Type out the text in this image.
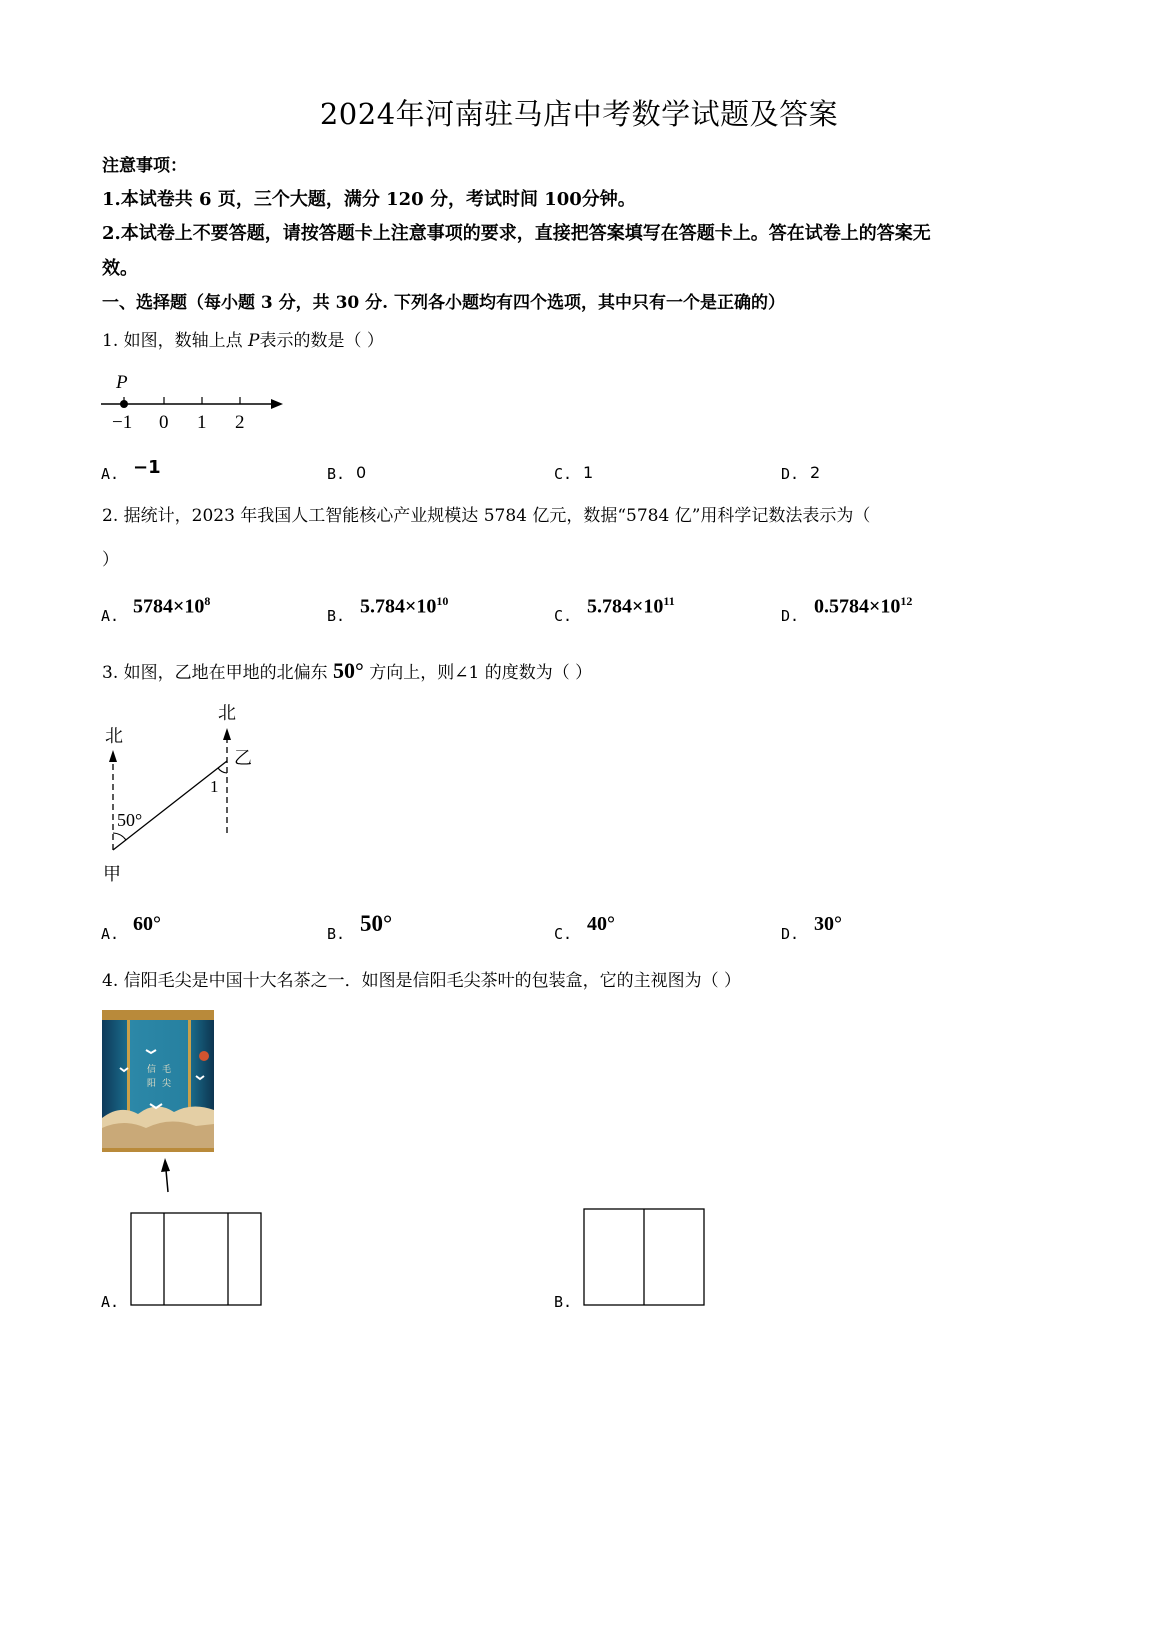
2024年河南驻马店中考数学试题及答案
注意事项：
1.本试卷共 6 页，三个大题，满分 120 分，考试时间 100分钟。
2.本试卷上不要答题，请按答题卡上注意事项的要求，直接把答案填写在答题卡上。答在试卷上的答案无
效。
一、选择题（每小题 3 分，共 30 分. 下列各小题均有四个选项，其中只有一个是正确的）
1. 如图，数轴上点 P表示的数是（ ）
P
−1 0 1 2
A. −1	B. 0	C. 1	D. 2
2. 据统计，2023 年我国人工智能核心产业规模达 5784 亿元，数据“5784 亿”用科学记数法表示为（
）
A. $5784\times 10^8$
B. $5.784\times 10^{10}$
C. $5.784\times 10^{11}$
D. $0.5784\times 10^{12}$
3. 如图，乙地在甲地的北偏东 50° 方向上，则∠1 的度数为（ ）
北
北
乙
甲
50°
1
A. 60°	B. 50°	C. 40°	D. 30°
4. 信阳毛尖是中国十大名茶之一．如图是信阳毛尖茶叶的包装盒，它的主视图为（ ）
信 毛
阳 尖
A.	B.
